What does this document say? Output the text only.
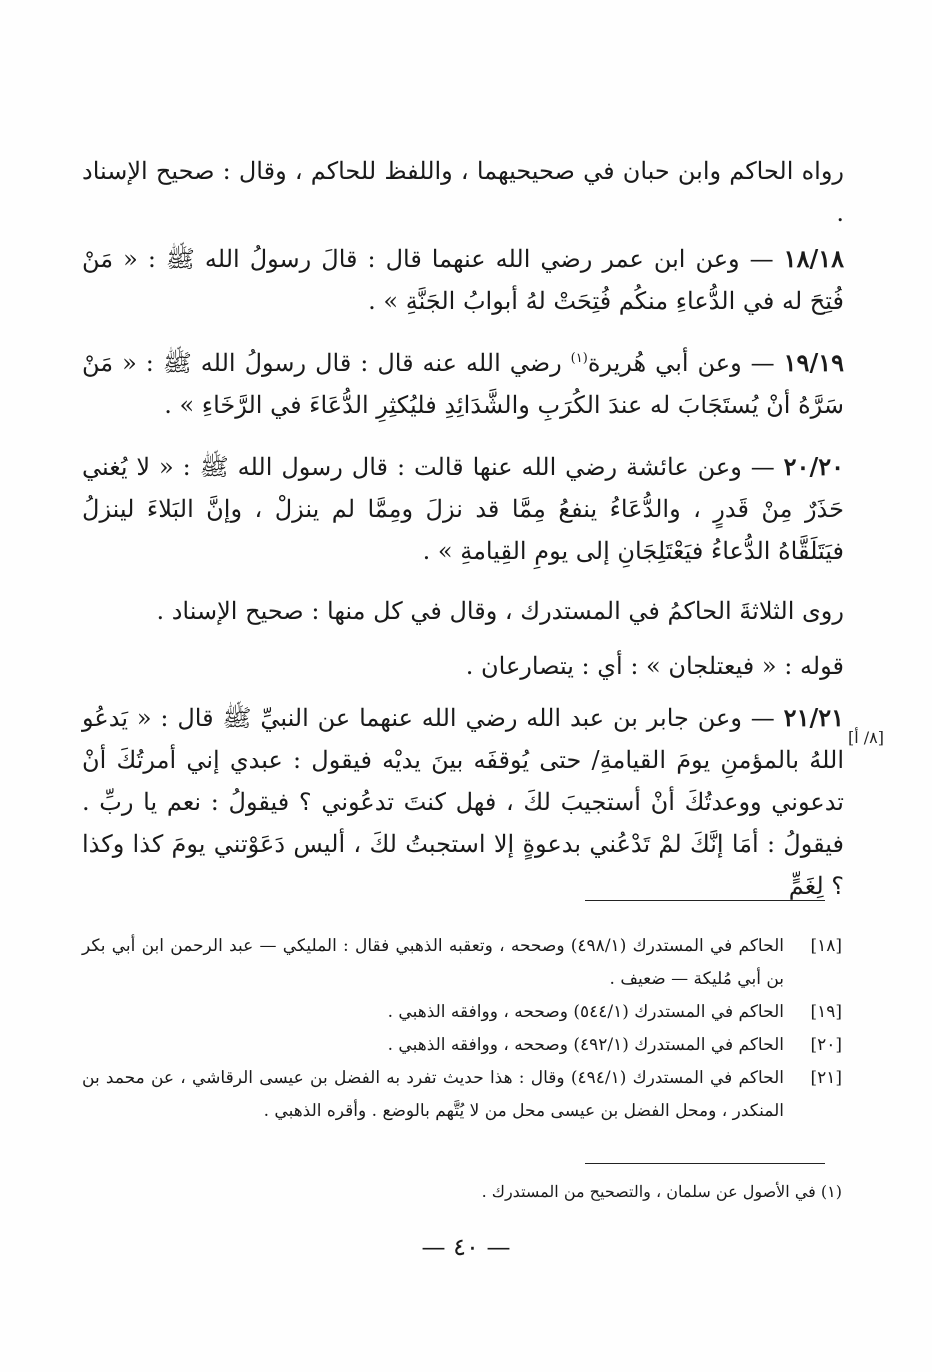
رواه الحاكم وابن حبان في صحيحيهما ، واللفظ للحاكم ، وقال : صحيح الإسناد .

١٨/١٨ — وعن ابن عمر رضي الله عنهما قال : قالَ رسولُ الله ﷺ : « مَنْ فُتِحَ له في الدُّعاءِ منكُم فُتِحَتْ لهُ أبوابُ الجَنَّةِ » .

١٩/١٩ — وعن أبي هُريرة$^{(١)}$ رضي الله عنه قال : قال رسولُ الله ﷺ : « مَنْ سَرَّهُ أنْ يُستَجَابَ له عندَ الكُرَبِ والشَّدَائِدِ فليُكثِرِ الدُّعَاءَ في الرَّخَاءِ » .

٢٠/٢٠ — وعن عائشة رضي الله عنها قالت : قال رسول الله ﷺ : « لا يُغني حَذَرٌ مِنْ قَدرٍ ، والدُّعَاءُ ينفعُ مِمَّا قد نزلَ ومِمَّا لم ينزلْ ، وإنَّ البَلاءَ لينزلُ فيَتَلَقَّاهُ الدُّعاءُ فيَعْتَلِجَانِ إلى يومِ القِيامةِ » .

روى الثلاثةَ الحاكمُ في المستدرك ، وقال في كل منها : صحيح الإسناد .

قوله : « فيعتلجان » : أي : يتصارعان .

٢١/٢١ — وعن جابر بن عبد الله رضي الله عنهما عن النبيِّ ﷺ قال : « يَدعُو اللهُ بالمؤمنِ يومَ القيامةِ/ حتى يُوقفَه بينَ يديْه فيقول : عبدي إني أمرتُكَ أنْ تدعوني ووعدتُكَ أنْ أستجيبَ لكَ ، فهل كنتَ تدعُوني ؟ فيقولُ : نعم يا ربِّ . فيقولُ : أمَا إنَّكَ لمْ تَدْعُني بدعوةٍ إلا استجبتُ لكَ ، أليس دَعَوْتني يومَ كذا وكذا ؟ لِغَمٍّ

[٨/ أ]
[١٨]
الحاكم في المستدرك (٤٩٨/١) وصححه ، وتعقبه الذهبي فقال : المليكي — عبد الرحمن ابن أبي بكر بن أبي مُليكة — ضعيف .
[١٩]
الحاكم في المستدرك (٥٤٤/١) وصححه ، ووافقه الذهبي .
[٢٠]
الحاكم في المستدرك (٤٩٢/١) وصححه ، ووافقه الذهبي .
[٢١]
الحاكم في المستدرك (٤٩٤/١) وقال : هذا حديث تفرد به الفضل بن عيسى الرقاشي ، عن محمد بن المنكدر ، ومحل الفضل بن عيسى محل من لا يُتَّهم بالوضع . وأقره الذهبي .
(١) في الأصول عن سلمان ، والتصحيح من المستدرك .
— ٤٠ —
